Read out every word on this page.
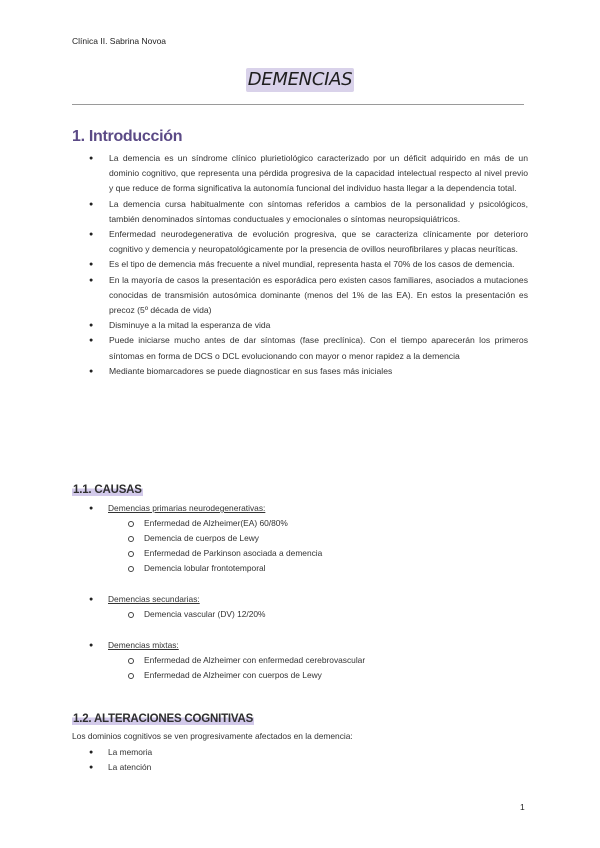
Clínica II. Sabrina Novoa
DEMENCIAS
1. Introducción
● La demencia es un síndrome clínico plurietiológico caracterizado por un déficit adquirido en más de un dominio cognitivo, que representa una pérdida progresiva de la capacidad intelectual respecto al nivel previo y que reduce de forma significativa la autonomía funcional del individuo hasta llegar a la dependencia total.
● La demencia cursa habitualmente con síntomas referidos a cambios de la personalidad y psicológicos, también denominados síntomas conductuales y emocionales o síntomas neuropsiquiátricos.
● Enfermedad neurodegenerativa de evolución progresiva, que se caracteriza clínicamente por deterioro cognitivo y demencia y neuropatológicamente por la presencia de ovillos neurofibrilares y placas neuríticas.
● Es el tipo de demencia más frecuente a nivel mundial, representa hasta el 70% de los casos de demencia.
● En la mayoría de casos la presentación es esporádica pero existen casos familiares, asociados a mutaciones conocidas de transmisión autosómica dominante (menos del 1% de las EA). En estos la presentación es precoz (5º década de vida)
● Disminuye a la mitad la esperanza de vida
● Puede iniciarse mucho antes de dar síntomas (fase preclínica). Con el tiempo aparecerán los primeros síntomas en forma de DCS o DCL evolucionando con mayor o menor rapidez a la demencia
● Mediante biomarcadores se puede diagnosticar en sus fases más iniciales
1.1. CAUSAS
● Demencias primarias neurodegenerativas:
Enfermedad de Alzheimer(EA) 60/80%
Demencia de cuerpos de Lewy
Enfermedad de Parkinson asociada a demencia
Demencia lobular frontotemporal
● Demencias secundarias:
Demencia vascular (DV) 12/20%
● Demencias mixtas:
Enfermedad de Alzheimer con enfermedad cerebrovascular
Enfermedad de Alzheimer con cuerpos de Lewy
1.2. ALTERACIONES COGNITIVAS
Los dominios cognitivos se ven progresivamente afectados en la demencia:
● La memoria
● La atención
1
